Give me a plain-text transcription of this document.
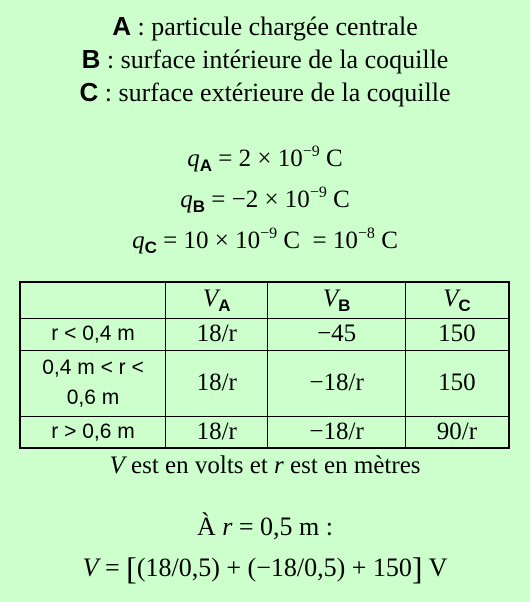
A : particule chargée centrale
B : surface intérieure de la coquille
C : surface extérieure de la coquille
$q_A = 2 \times 10^{-9}$ C
$q_B = -2 \times 10^{-9}$ C
$q_C = 10 \times 10^{-9}$ $C = 10^{-8}$ C
	$V_A$	$V_B$	$V_C$
r < 0,4 m	18/r	−45	150
0,4 m < r < 0,6 m	18/r	−18/r	150
r > 0,6 m	18/r	−18/r	90/r
V est en volts et r est en mètres
À r = 0,5 m :
V = [(18/0,5) + (−18/0,5) + 150] V
